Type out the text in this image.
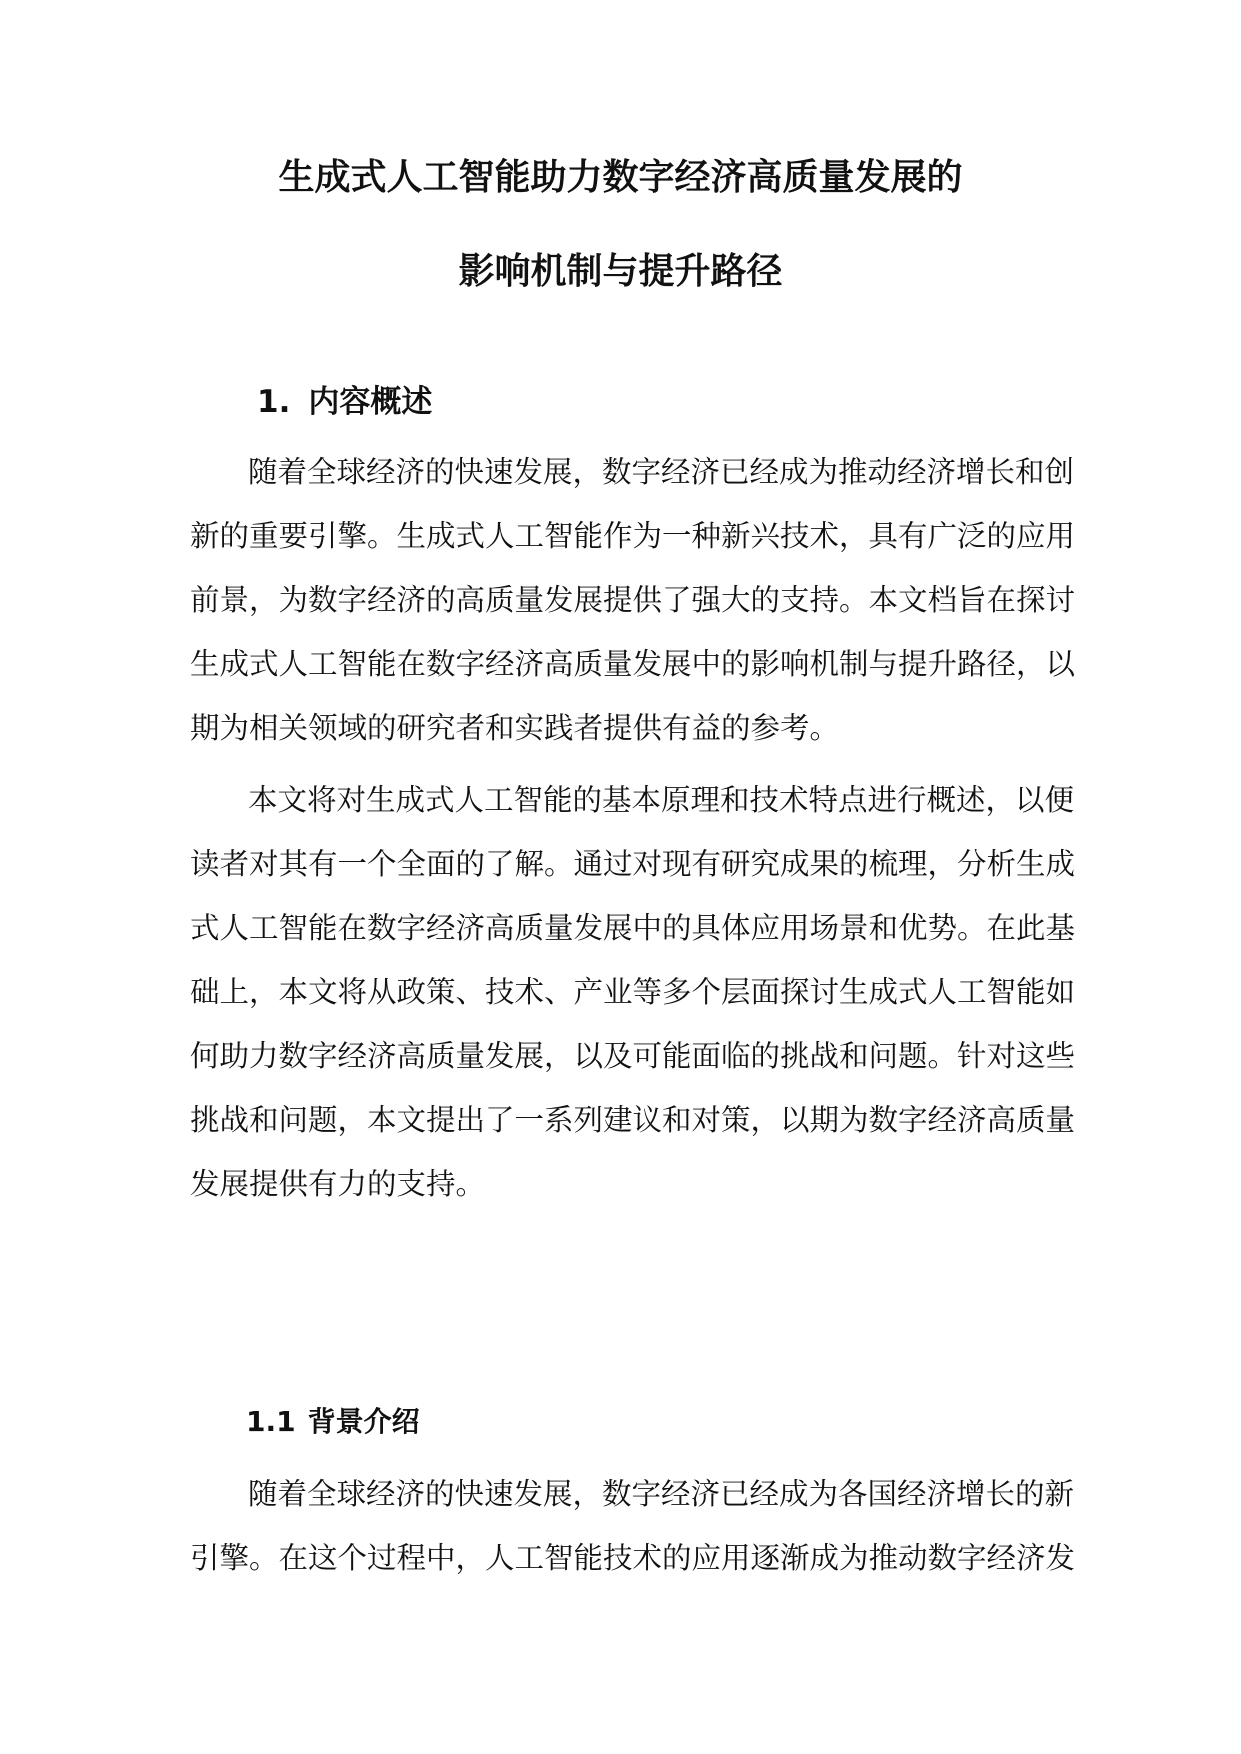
生成式人工智能助力数字经济高质量发展的
影响机制与提升路径
1. 内容概述

随着全球经济的快速发展，数字经济已经成为推动经济增长和创

新的重要引擎。生成式人工智能作为一种新兴技术，具有广泛的应用

前景，为数字经济的高质量发展提供了强大的支持。本文档旨在探讨

生成式人工智能在数字经济高质量发展中的影响机制与提升路径，以

期为相关领域的研究者和实践者提供有益的参考。

本文将对生成式人工智能的基本原理和技术特点进行概述，以便

读者对其有一个全面的了解。通过对现有研究成果的梳理，分析生成

式人工智能在数字经济高质量发展中的具体应用场景和优势。在此基

础上，本文将从政策、技术、产业等多个层面探讨生成式人工智能如

何助力数字经济高质量发展，以及可能面临的挑战和问题。针对这些

挑战和问题，本文提出了一系列建议和对策，以期为数字经济高质量

发展提供有力的支持。

1.1 背景介绍

随着全球经济的快速发展，数字经济已经成为各国经济增长的新

引擎。在这个过程中，人工智能技术的应用逐渐成为推动数字经济发
